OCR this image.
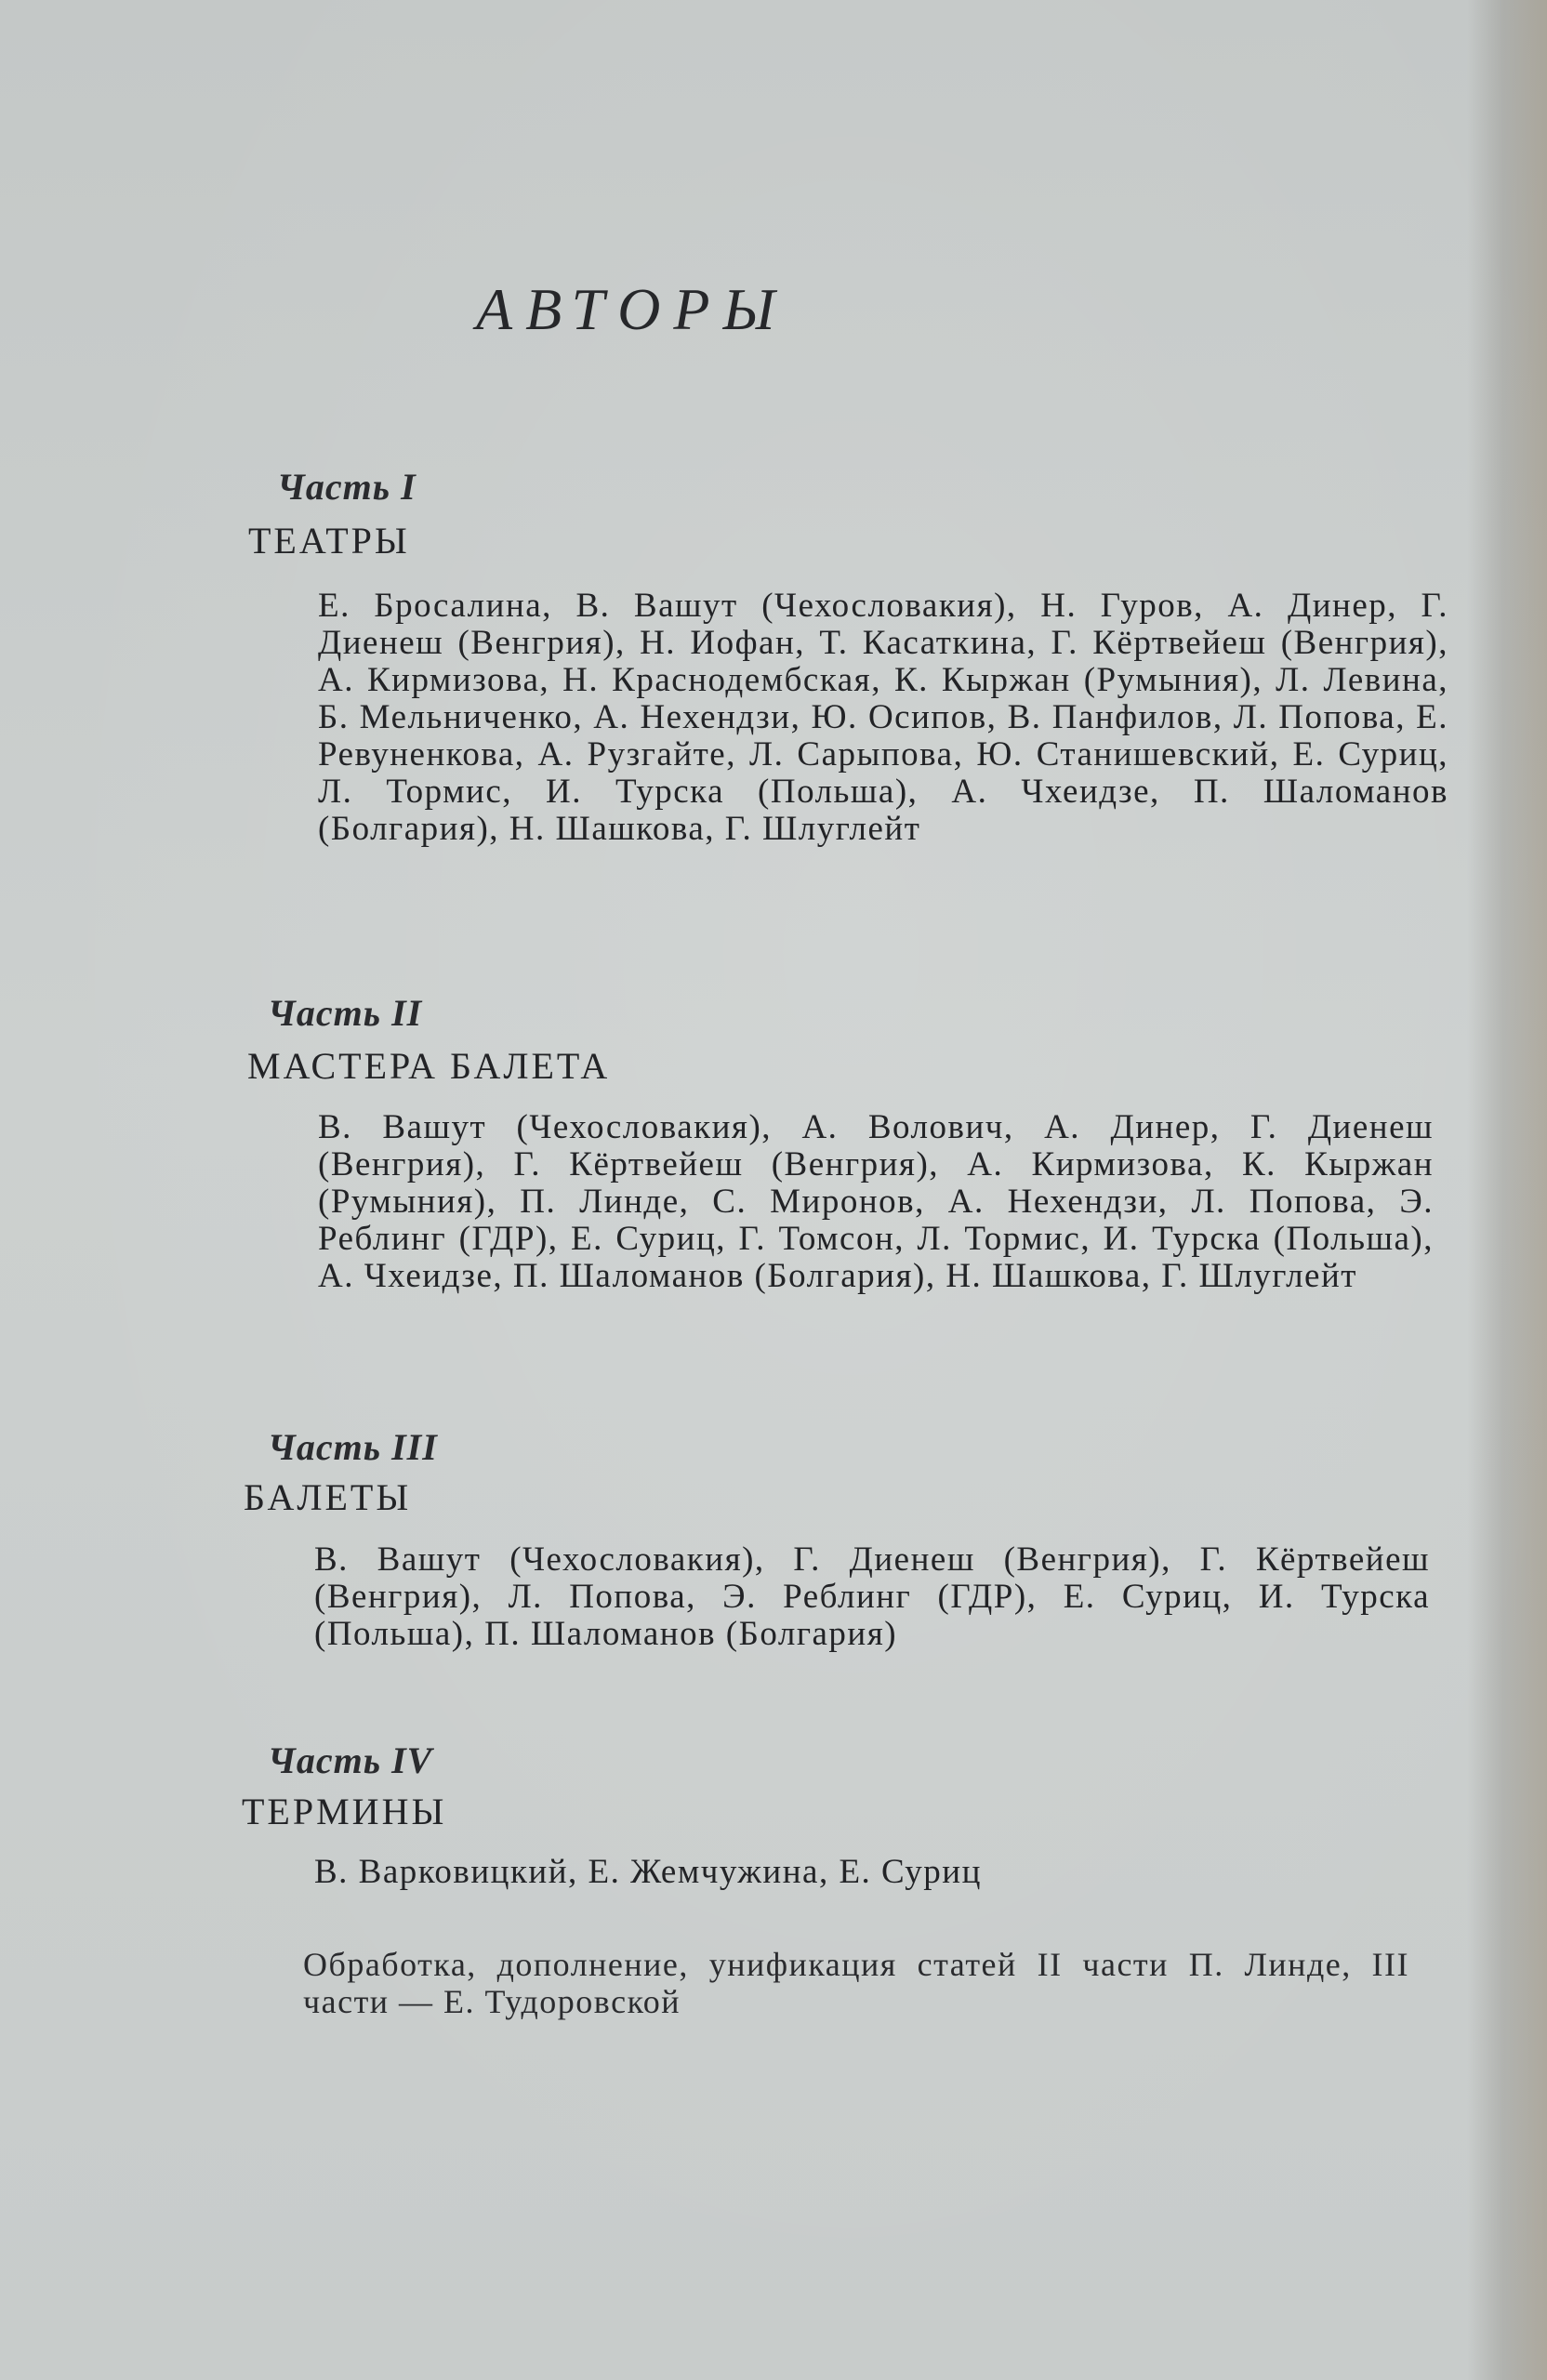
АВТОРЫ
Часть I
ТЕАТРЫ

Е. Бросалина, В. Вашут (Чехословакия), Н. Гуров, А. Динер, Г. Диенеш (Венгрия), Н. Иофан, Т. Касаткина, Г. Кёртвейеш (Венгрия), А. Кирмизова, Н. Краснодембская, К. Кыржан (Румыния), Л. Левина, Б. Мельниченко, А. Нехендзи, Ю. Осипов, В. Панфилов, Л. Попова, Е. Ревуненкова, А. Рузгайте, Л. Сарыпова, Ю. Станишевский, Е. Суриц, Л. Тормис, И. Турска (Польша), А. Чхеидзе, П. Шаломанов (Болгария), Н. Шашкова, Г. Шлуглейт

Часть II
МАСТЕРА БАЛЕТА

В. Вашут (Чехословакия), А. Волович, А. Динер, Г. Диенеш (Венгрия), Г. Кёртвейеш (Венгрия), А. Кирмизова, К. Кыржан (Румыния), П. Линде, С. Миронов, А. Нехендзи, Л. Попова, Э. Реблинг (ГДР), Е. Суриц, Г. Томсон, Л. Тормис, И. Турска (Польша), А. Чхеидзе, П. Шаломанов (Болгария), Н. Шашкова, Г. Шлуглейт

Часть III
БАЛЕТЫ

В. Вашут (Чехословакия), Г. Диенеш (Венгрия), Г. Кёртвейеш (Венгрия), Л. Попова, Э. Реблинг (ГДР), Е. Суриц, И. Турска (Польша), П. Шаломанов (Болгария)

Часть IV
ТЕРМИНЫ

В. Варковицкий, Е. Жемчужина, Е. Суриц

Обработка, дополнение, унификация статей II части П. Линде, III части — Е. Тудоровской
